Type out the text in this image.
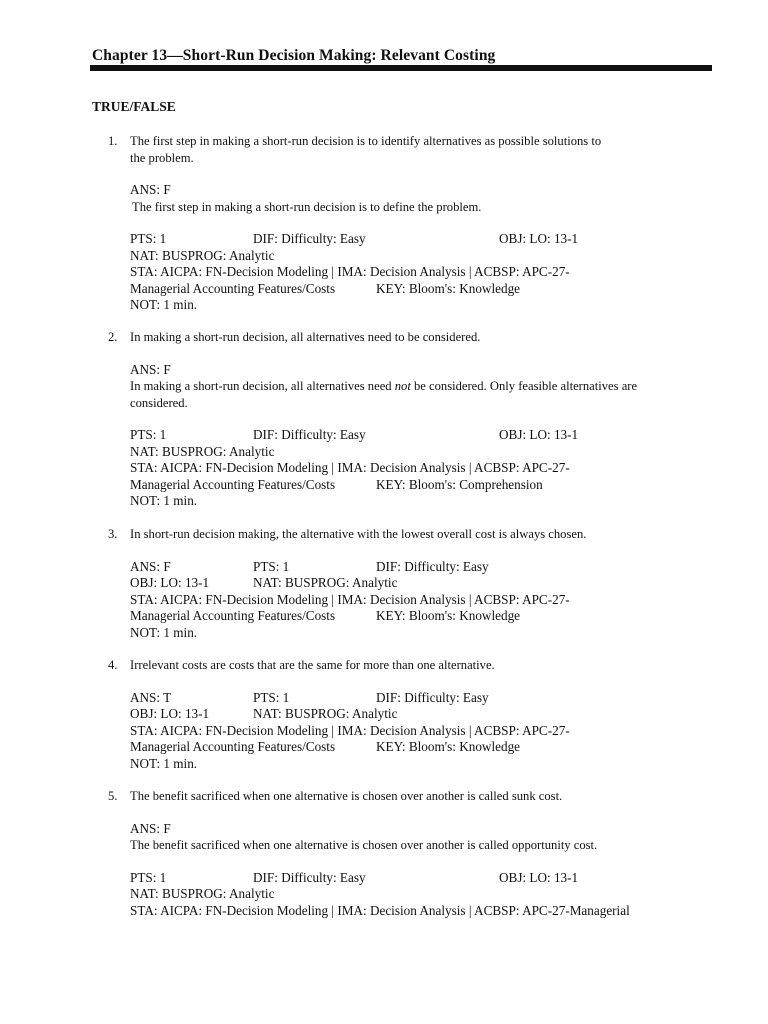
Chapter 13—Short-Run Decision Making: Relevant Costing
TRUE/FALSE
1. The first step in making a short-run decision is to identify alternatives as possible solutions to
the problem.
ANS: F
The first step in making a short-run decision is to define the problem.
PTS: 1	DIF: Difficulty: Easy	OBJ: LO: 13-1
NAT: BUSPROG: Analytic
STA: AICPA: FN-Decision Modeling | IMA: Decision Analysis | ACBSP: APC-27-
Managerial Accounting Features/Costs	KEY: Bloom's: Knowledge
NOT: 1 min.
2. In making a short-run decision, all alternatives need to be considered.
ANS: F
In making a short-run decision, all alternatives need not be considered. Only feasible alternatives are
considered.
PTS: 1	DIF: Difficulty: Easy	OBJ: LO: 13-1
NAT: BUSPROG: Analytic
STA: AICPA: FN-Decision Modeling | IMA: Decision Analysis | ACBSP: APC-27-
Managerial Accounting Features/Costs	KEY: Bloom's: Comprehension
NOT: 1 min.
3. In short-run decision making, the alternative with the lowest overall cost is always chosen.
ANS: F	PTS: 1	DIF: Difficulty: Easy
OBJ: LO: 13-1	NAT: BUSPROG: Analytic
STA: AICPA: FN-Decision Modeling | IMA: Decision Analysis | ACBSP: APC-27-
Managerial Accounting Features/Costs	KEY: Bloom's: Knowledge
NOT: 1 min.
4. Irrelevant costs are costs that are the same for more than one alternative.
ANS: T	PTS: 1	DIF: Difficulty: Easy
OBJ: LO: 13-1	NAT: BUSPROG: Analytic
STA: AICPA: FN-Decision Modeling | IMA: Decision Analysis | ACBSP: APC-27-
Managerial Accounting Features/Costs	KEY: Bloom's: Knowledge
NOT: 1 min.
5. The benefit sacrificed when one alternative is chosen over another is called sunk cost.
ANS: F
The benefit sacrificed when one alternative is chosen over another is called opportunity cost.
PTS: 1	DIF: Difficulty: Easy	OBJ: LO: 13-1
NAT: BUSPROG: Analytic
STA: AICPA: FN-Decision Modeling | IMA: Decision Analysis | ACBSP: APC-27-Managerial
